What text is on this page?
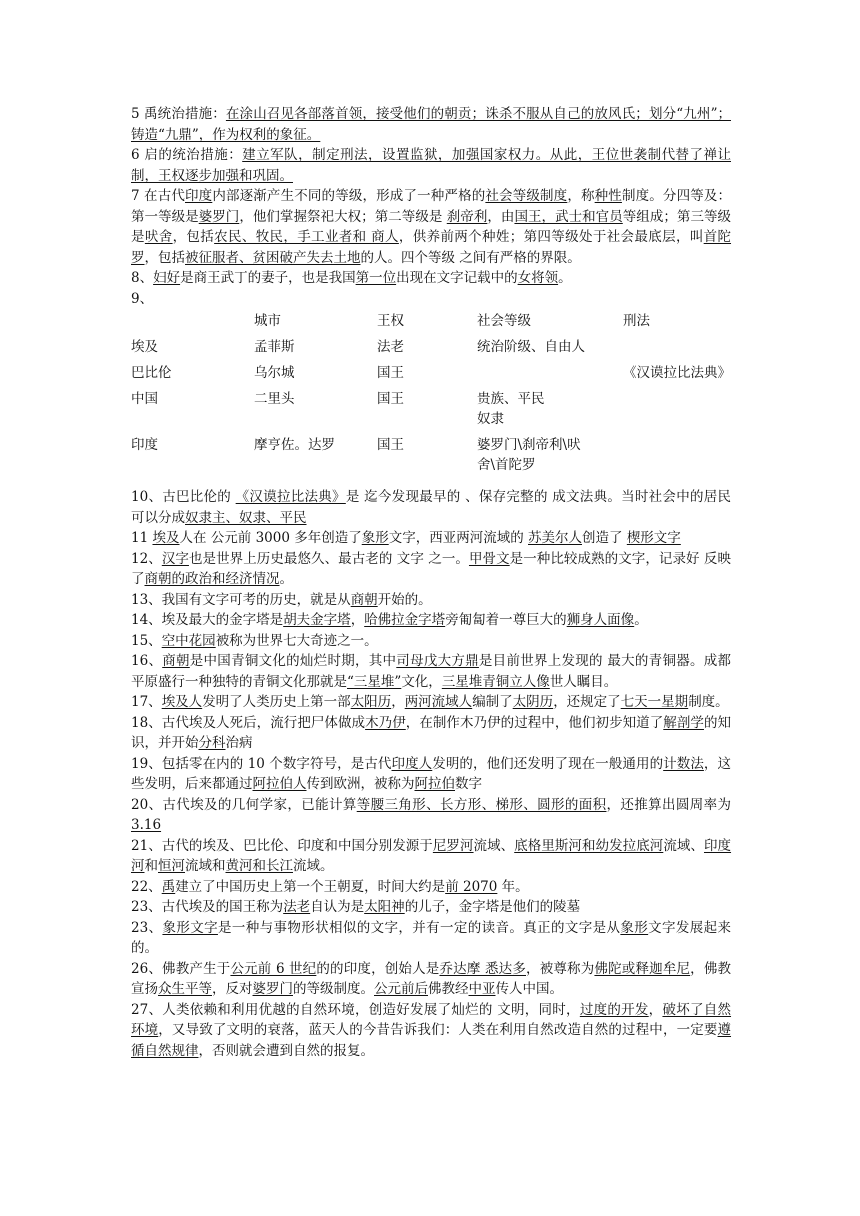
5 禹统治措施：在涂山召见各部落首领，接受他们的朝贡；诛杀不服从自己的放风氏；划分“九州”；铸造“九鼎”，作为权利的象征。

6 启的统治措施：建立军队，制定刑法，设置监狱，加强国家权力。从此，王位世袭制代替了禅让制，王权逐步加强和巩固。

7 在古代印度内部逐渐产生不同的等级，形成了一种严格的社会等级制度，称种性制度。分四等及：第一等级是婆罗门，他们掌握祭祀大权；第二等级是 刹帝利，由国王，武士和官员等组成；第三等级是吠舍，包括农民、牧民，手工业者和 商人，供养前两个种姓；第四等级处于社会最底层，叫首陀罗，包括被征服者、贫困破产失去土地的人。四个等级 之间有严格的界限。

8、妇好是商王武丁的妻子，也是我国第一位出现在文字记载中的女将领。

9、

	城市	王权	社会等级	刑法
埃及	孟菲斯	法老	统治阶级、自由人	
巴比伦	乌尔城	国王		《汉谟拉比法典》
中国	二里头	国王	贵族、平民
奴隶	
印度	摩亨佐。达罗	国王	婆罗门\刹帝利\吠
舍\首陀罗	

10、古巴比伦的 《汉谟拉比法典》是 迄今发现最早的 、保存完整的 成文法典。当时社会中的居民可以分成奴隶主、奴隶、平民

11 埃及人在 公元前 3000 多年创造了象形文字，西亚两河流域的 苏美尔人创造了 楔形文字

12、汉字也是世界上历史最悠久、最古老的 文字 之一。甲骨文是一种比较成熟的文字，记录好 反映了商朝的政治和经济情况。

13、我国有文字可考的历史，就是从商朝开始的。

14、埃及最大的金字塔是胡夫金字塔，哈佛拉金字塔旁匍匐着一尊巨大的狮身人面像。

15、空中花园被称为世界七大奇迹之一。

16、商朝是中国青铜文化的灿烂时期，其中司母戊大方鼎是目前世界上发现的 最大的青铜器。成都平原盛行一种独特的青铜文化那就是“三星堆”文化，三星堆青铜立人像世人瞩目。

17、埃及人发明了人类历史上第一部太阳历，两河流域人编制了太阴历，还规定了七天一星期制度。

18、古代埃及人死后，流行把尸体做成木乃伊，在制作木乃伊的过程中，他们初步知道了解剖学的知识，并开始分科治病

19、包括零在内的 10 个数字符号，是古代印度人发明的，他们还发明了现在一般通用的计数法，这些发明，后来都通过阿拉伯人传到欧洲，被称为阿拉伯数字

20、古代埃及的几何学家，已能计算等腰三角形、长方形、梯形、圆形的面积，还推算出圆周率为 3.16

21、古代的埃及、巴比伦、印度和中国分别发源于尼罗河流域、底格里斯河和幼发拉底河流域、印度河和恒河流域和黄河和长江流域。

22、禹建立了中国历史上第一个王朝夏，时间大约是前 2070 年。

23、古代埃及的国王称为法老自认为是太阳神的儿子，金字塔是他们的陵墓

23、象形文字是一种与事物形状相似的文字，并有一定的读音。真正的文字是从象形文字发展起来的。

26、佛教产生于公元前 6 世纪的的印度，创始人是乔达摩 悉达多，被尊称为佛陀或释迦牟尼，佛教宣扬众生平等，反对婆罗门的等级制度。公元前后佛教经中亚传人中国。

27、人类依赖和利用优越的自然环境，创造好发展了灿烂的 文明，同时，过度的开发，破坏了自然环境，又导致了文明的衰落，蓝天人的今昔告诉我们：人类在利用自然改造自然的过程中，一定要遵循自然规律，否则就会遭到自然的报复。
